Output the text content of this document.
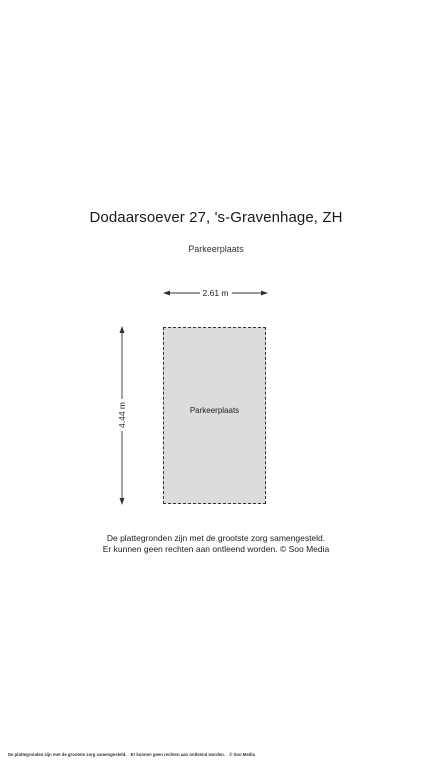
Dodaarsoever 27, 's-Gravenhage, ZH
Parkeerplaats
2.61 m
4.44 m	Parkeerplaats
De plattegronden zijn met de grootste zorg samengesteld.
Er kunnen geen rechten aan ontleend worden. © Soo Media
De plattegronden zijn met de grootste zorg samengesteld. Er kunnen geen rechten aan ontleend worden. © Soo Media
